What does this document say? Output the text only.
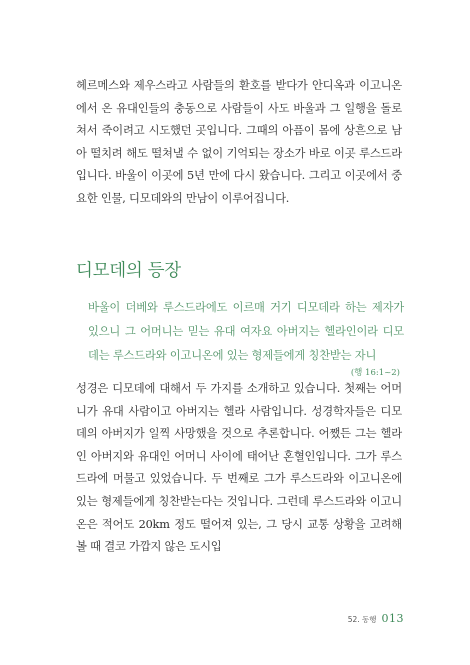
헤르메스와 제우스라고 사람들의 환호를 받다가 안디옥과 이고니온에서 온 유대인들의 충동으로 사람들이 사도 바울과 그 일행을 돌로 쳐서 죽이려고 시도했던 곳입니다. 그때의 아픔이 몸에 상흔으로 남아 떨치려 해도 떨쳐낼 수 없이 기억되는 장소가 바로 이곳 루스드라입니다. 바울이 이곳에 5년 만에 다시 왔습니다. 그리고 이곳에서 중요한 인물, 디모데와의 만남이 이루어집니다.

디모데의 등장

바울이 더베와 루스드라에도 이르매 거기 디모데라 하는 제자가 있으니 그 어머니는 믿는 유대 여자요 아버지는 헬라인이라 디모데는 루스드라와 이고니온에 있는 형제들에게 칭찬받는 자니

(행 16:1~2)

성경은 디모데에 대해서 두 가지를 소개하고 있습니다. 첫째는 어머니가 유대 사람이고 아버지는 헬라 사람입니다. 성경학자들은 디모데의 아버지가 일찍 사망했을 것으로 추론합니다. 어쨌든 그는 헬라인 아버지와 유대인 어머니 사이에 태어난 혼혈인입니다. 그가 루스드라에 머물고 있었습니다. 두 번째로 그가 루스드라와 이고니온에 있는 형제들에게 칭찬받는다는 것입니다. 그런데 루스드라와 이고니온은 적어도 20km 정도 떨어져 있는, 그 당시 교통 상황을 고려해 볼 때 결코 가깝지 않은 도시입

52. 동행 013
